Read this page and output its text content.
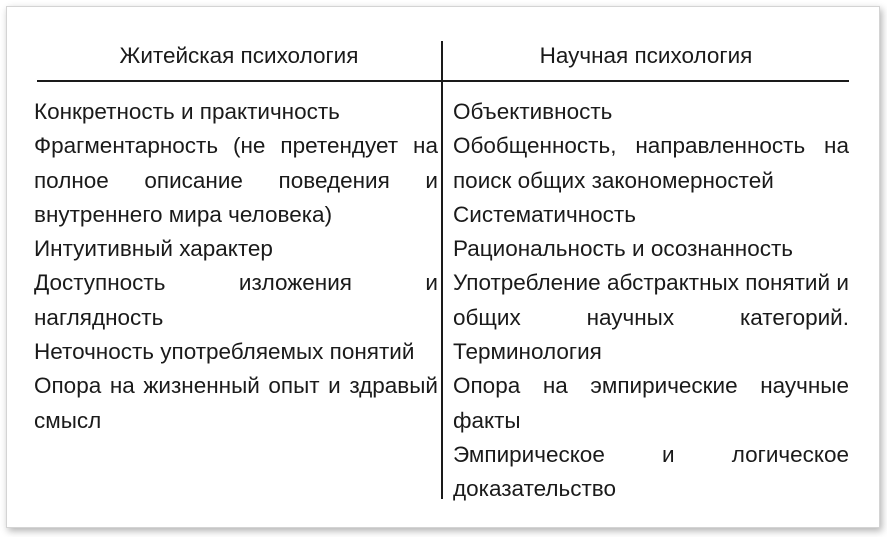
Житейская психология	Научная психология
Конкретность и практичность
Фрагментарность (не претендует на полное описание поведения и внутреннего мира человека)
Интуитивный характер
Доступность изложения и наглядность
Неточность употребляемых понятий
Опора на жизненный опыт и здравый смысл
Объективность
Обобщенность, направленность на поиск общих закономерностей
Систематичность
Рациональность и осознанность
Употребление абстрактных понятий и общих научных категорий. Терминология
Опора на эмпирические научные факты
Эмпирическое и логическое доказательство
